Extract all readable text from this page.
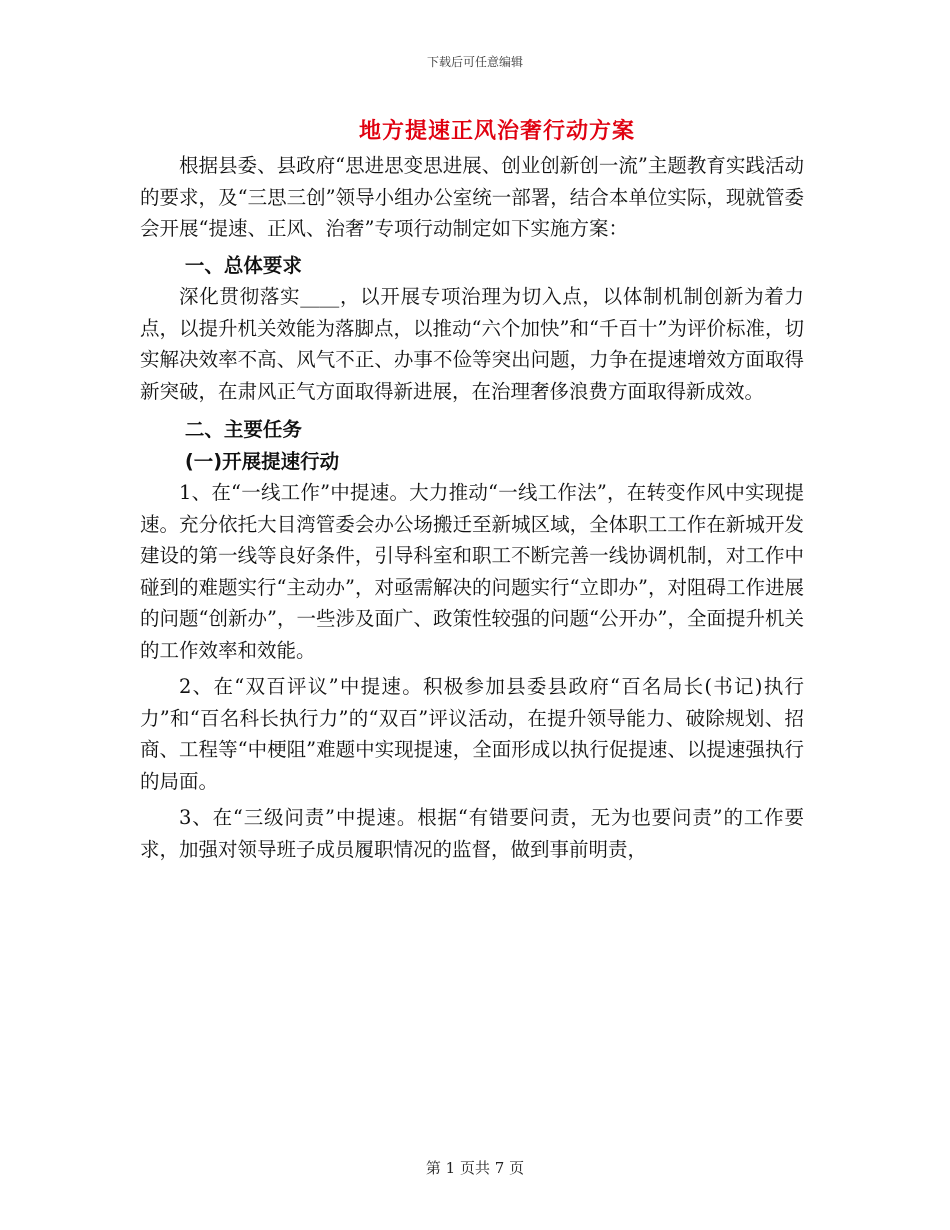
下载后可任意编辑
地方提速正风治奢行动方案

根据县委、县政府“思进思变思进展、创业创新创一流”主题教育实践活动的要求，及“三思三创”领导小组办公室统一部署，结合本单位实际，现就管委会开展“提速、正风、治奢”专项行动制定如下实施方案：

一、总体要求

深化贯彻落实____，以开展专项治理为切入点，以体制机制创新为着力点，以提升机关效能为落脚点，以推动“六个加快”和“千百十”为评价标准，切实解决效率不高、风气不正、办事不俭等突出问题，力争在提速增效方面取得新突破，在肃风正气方面取得新进展，在治理奢侈浪费方面取得新成效。

二、主要任务

(一)开展提速行动

1、在“一线工作”中提速。大力推动“一线工作法”，在转变作风中实现提速。充分依托大目湾管委会办公场搬迁至新城区域，全体职工工作在新城开发建设的第一线等良好条件，引导科室和职工不断完善一线协调机制，对工作中碰到的难题实行“主动办”，对亟需解决的问题实行“立即办”，对阻碍工作进展的问题“创新办”，一些涉及面广、政策性较强的问题“公开办”，全面提升机关的工作效率和效能。

2、在“双百评议”中提速。积极参加县委县政府“百名局长(书记)执行力”和“百名科长执行力”的“双百”评议活动，在提升领导能力、破除规划、招商、工程等“中梗阻”难题中实现提速，全面形成以执行促提速、以提速强执行的局面。

3、在“三级问责”中提速。根据“有错要问责，无为也要问责”的工作要求，加强对领导班子成员履职情况的监督，做到事前明责，

第 1 页共 7 页
